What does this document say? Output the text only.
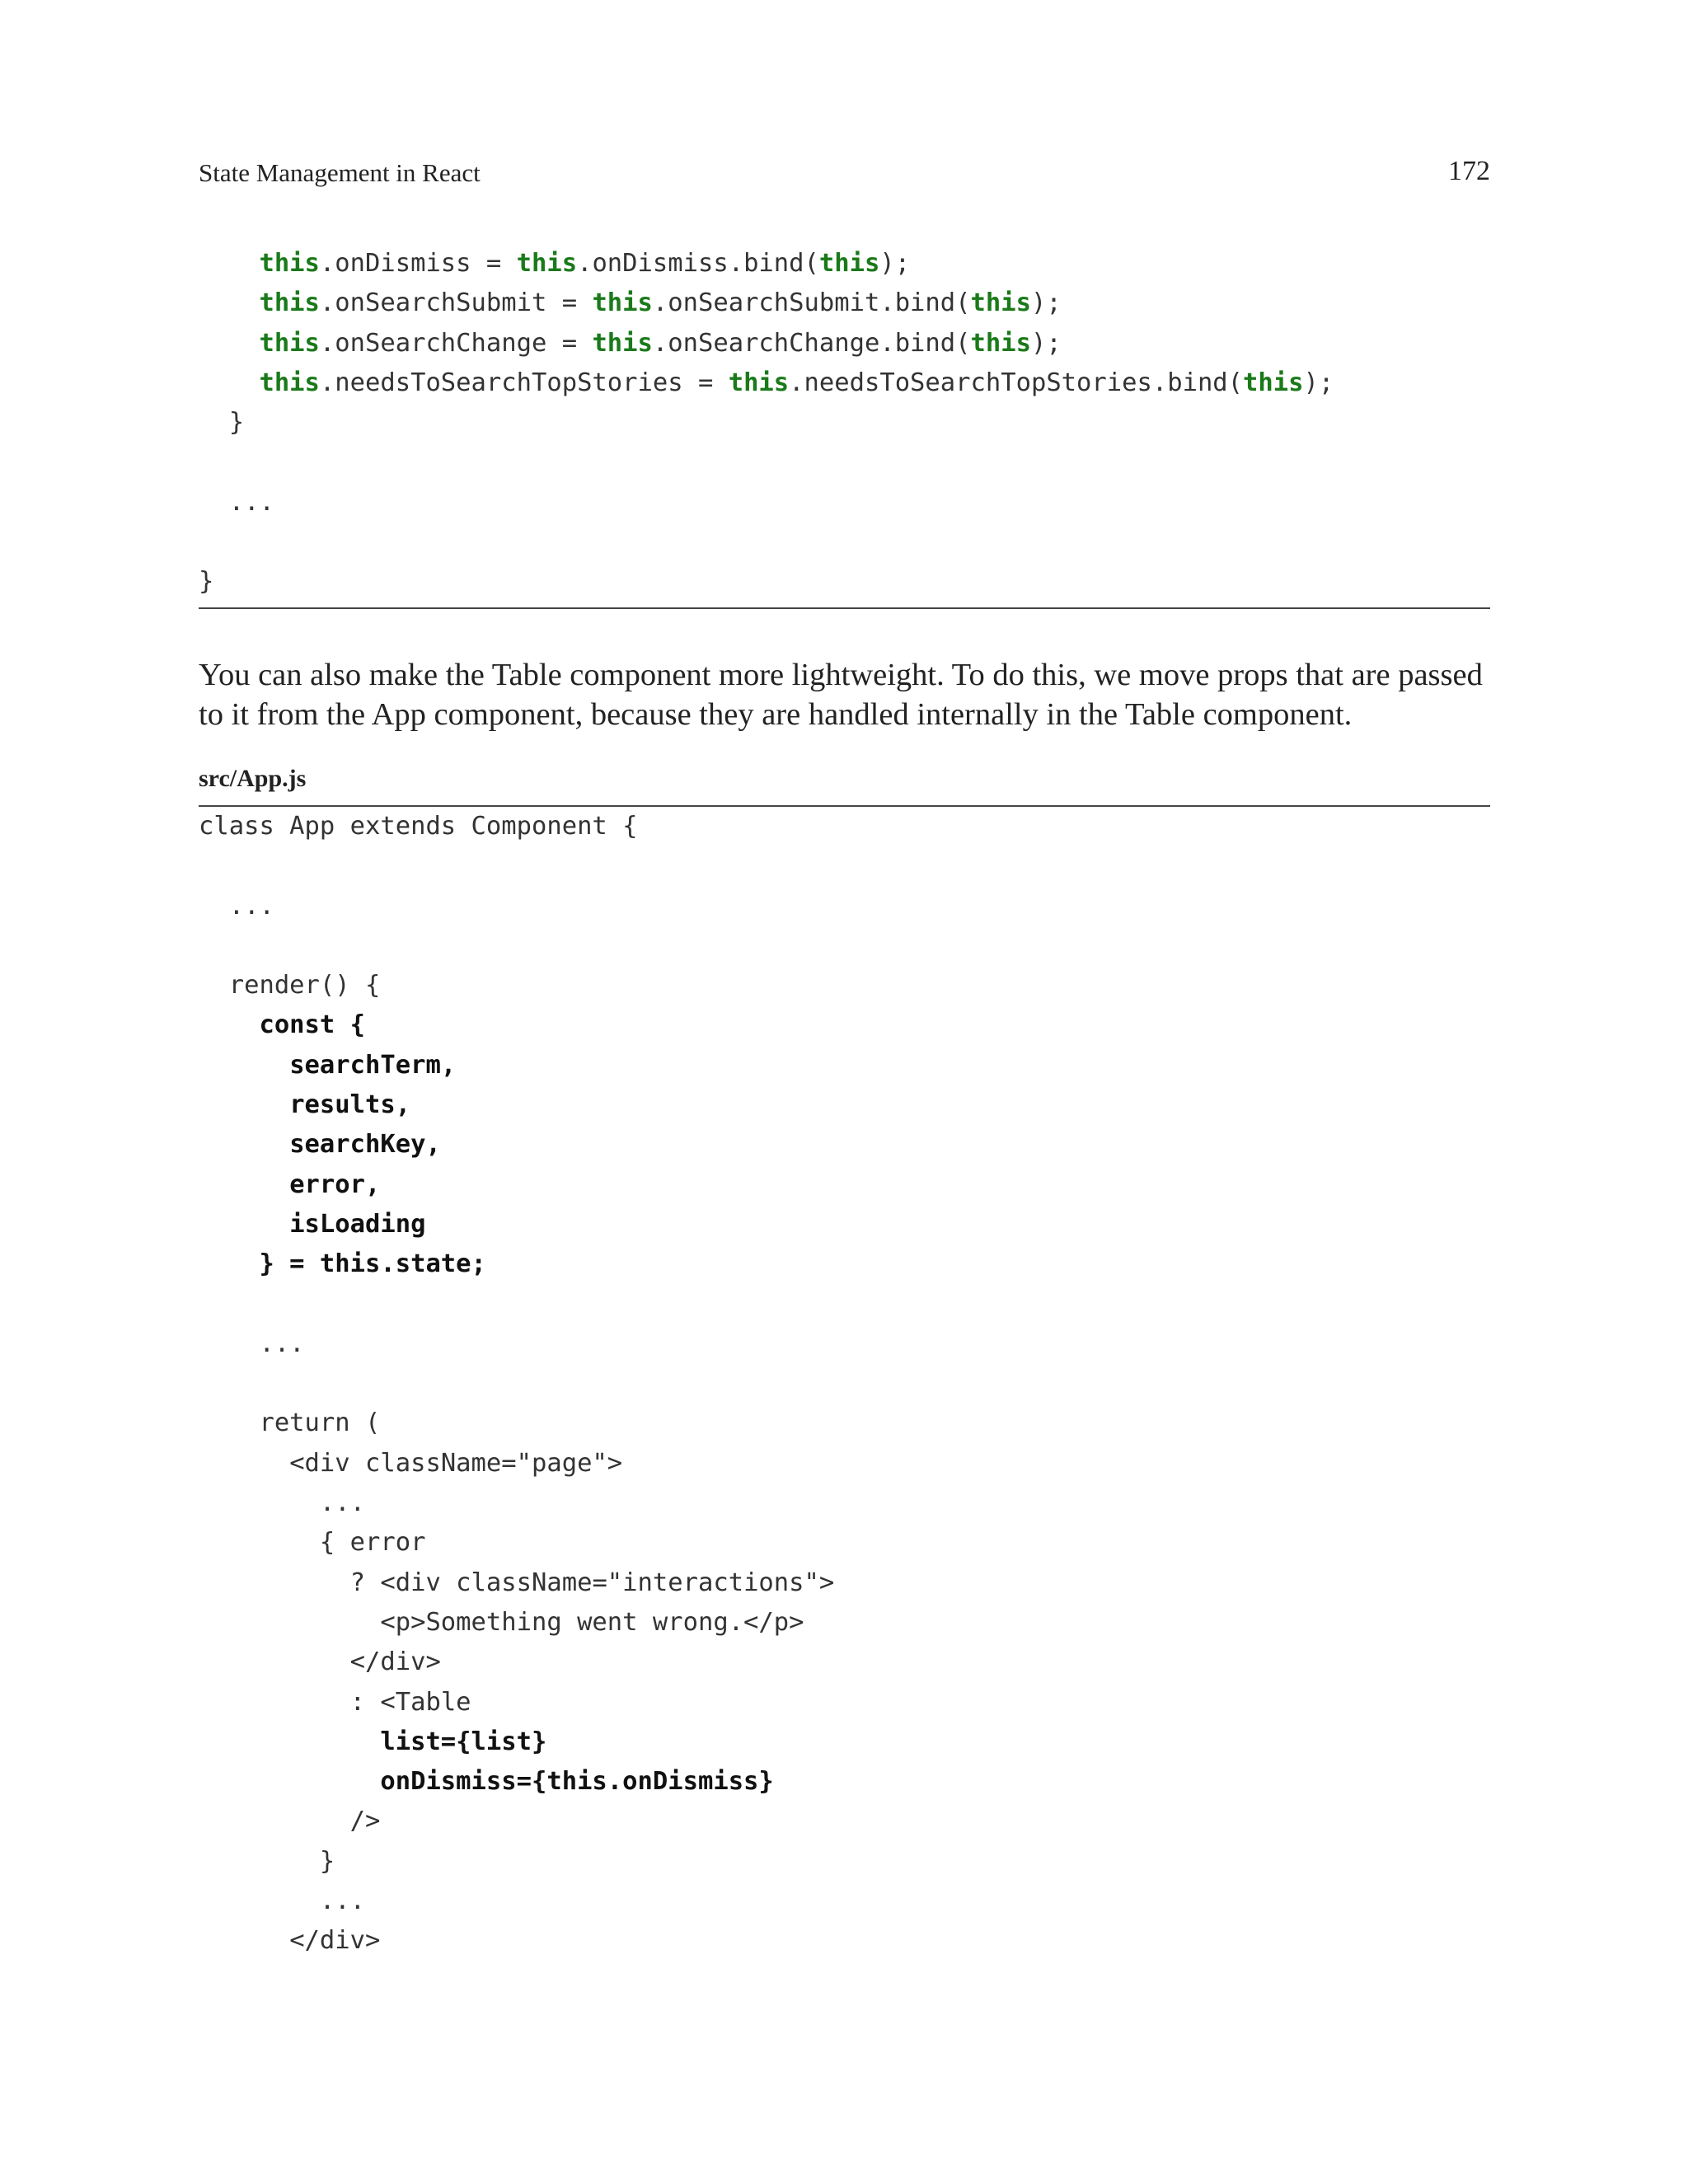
State Management in React	172
this.onDismiss = this.onDismiss.bind(this);
this.onSearchSubmit = this.onSearchSubmit.bind(this);
this.onSearchChange = this.onSearchChange.bind(this);
this.needsToSearchTopStories = this.needsToSearchTopStories.bind(this);
}
...
}

You can also make the Table component more lightweight. To do this, we move props that are passed to it from the App component, because they are handled internally in the Table component.

src/App.js
class App extends Component {
...
render() {
const {
searchTerm,
results,
searchKey,
error,
isLoading
} = this.state;
...
return (
<div className="page">
...
{ error
? <div className="interactions">
<p>Something went wrong.</p>
</div>
: <Table
list={list}
onDismiss={this.onDismiss}
/>
}
...
</div>
